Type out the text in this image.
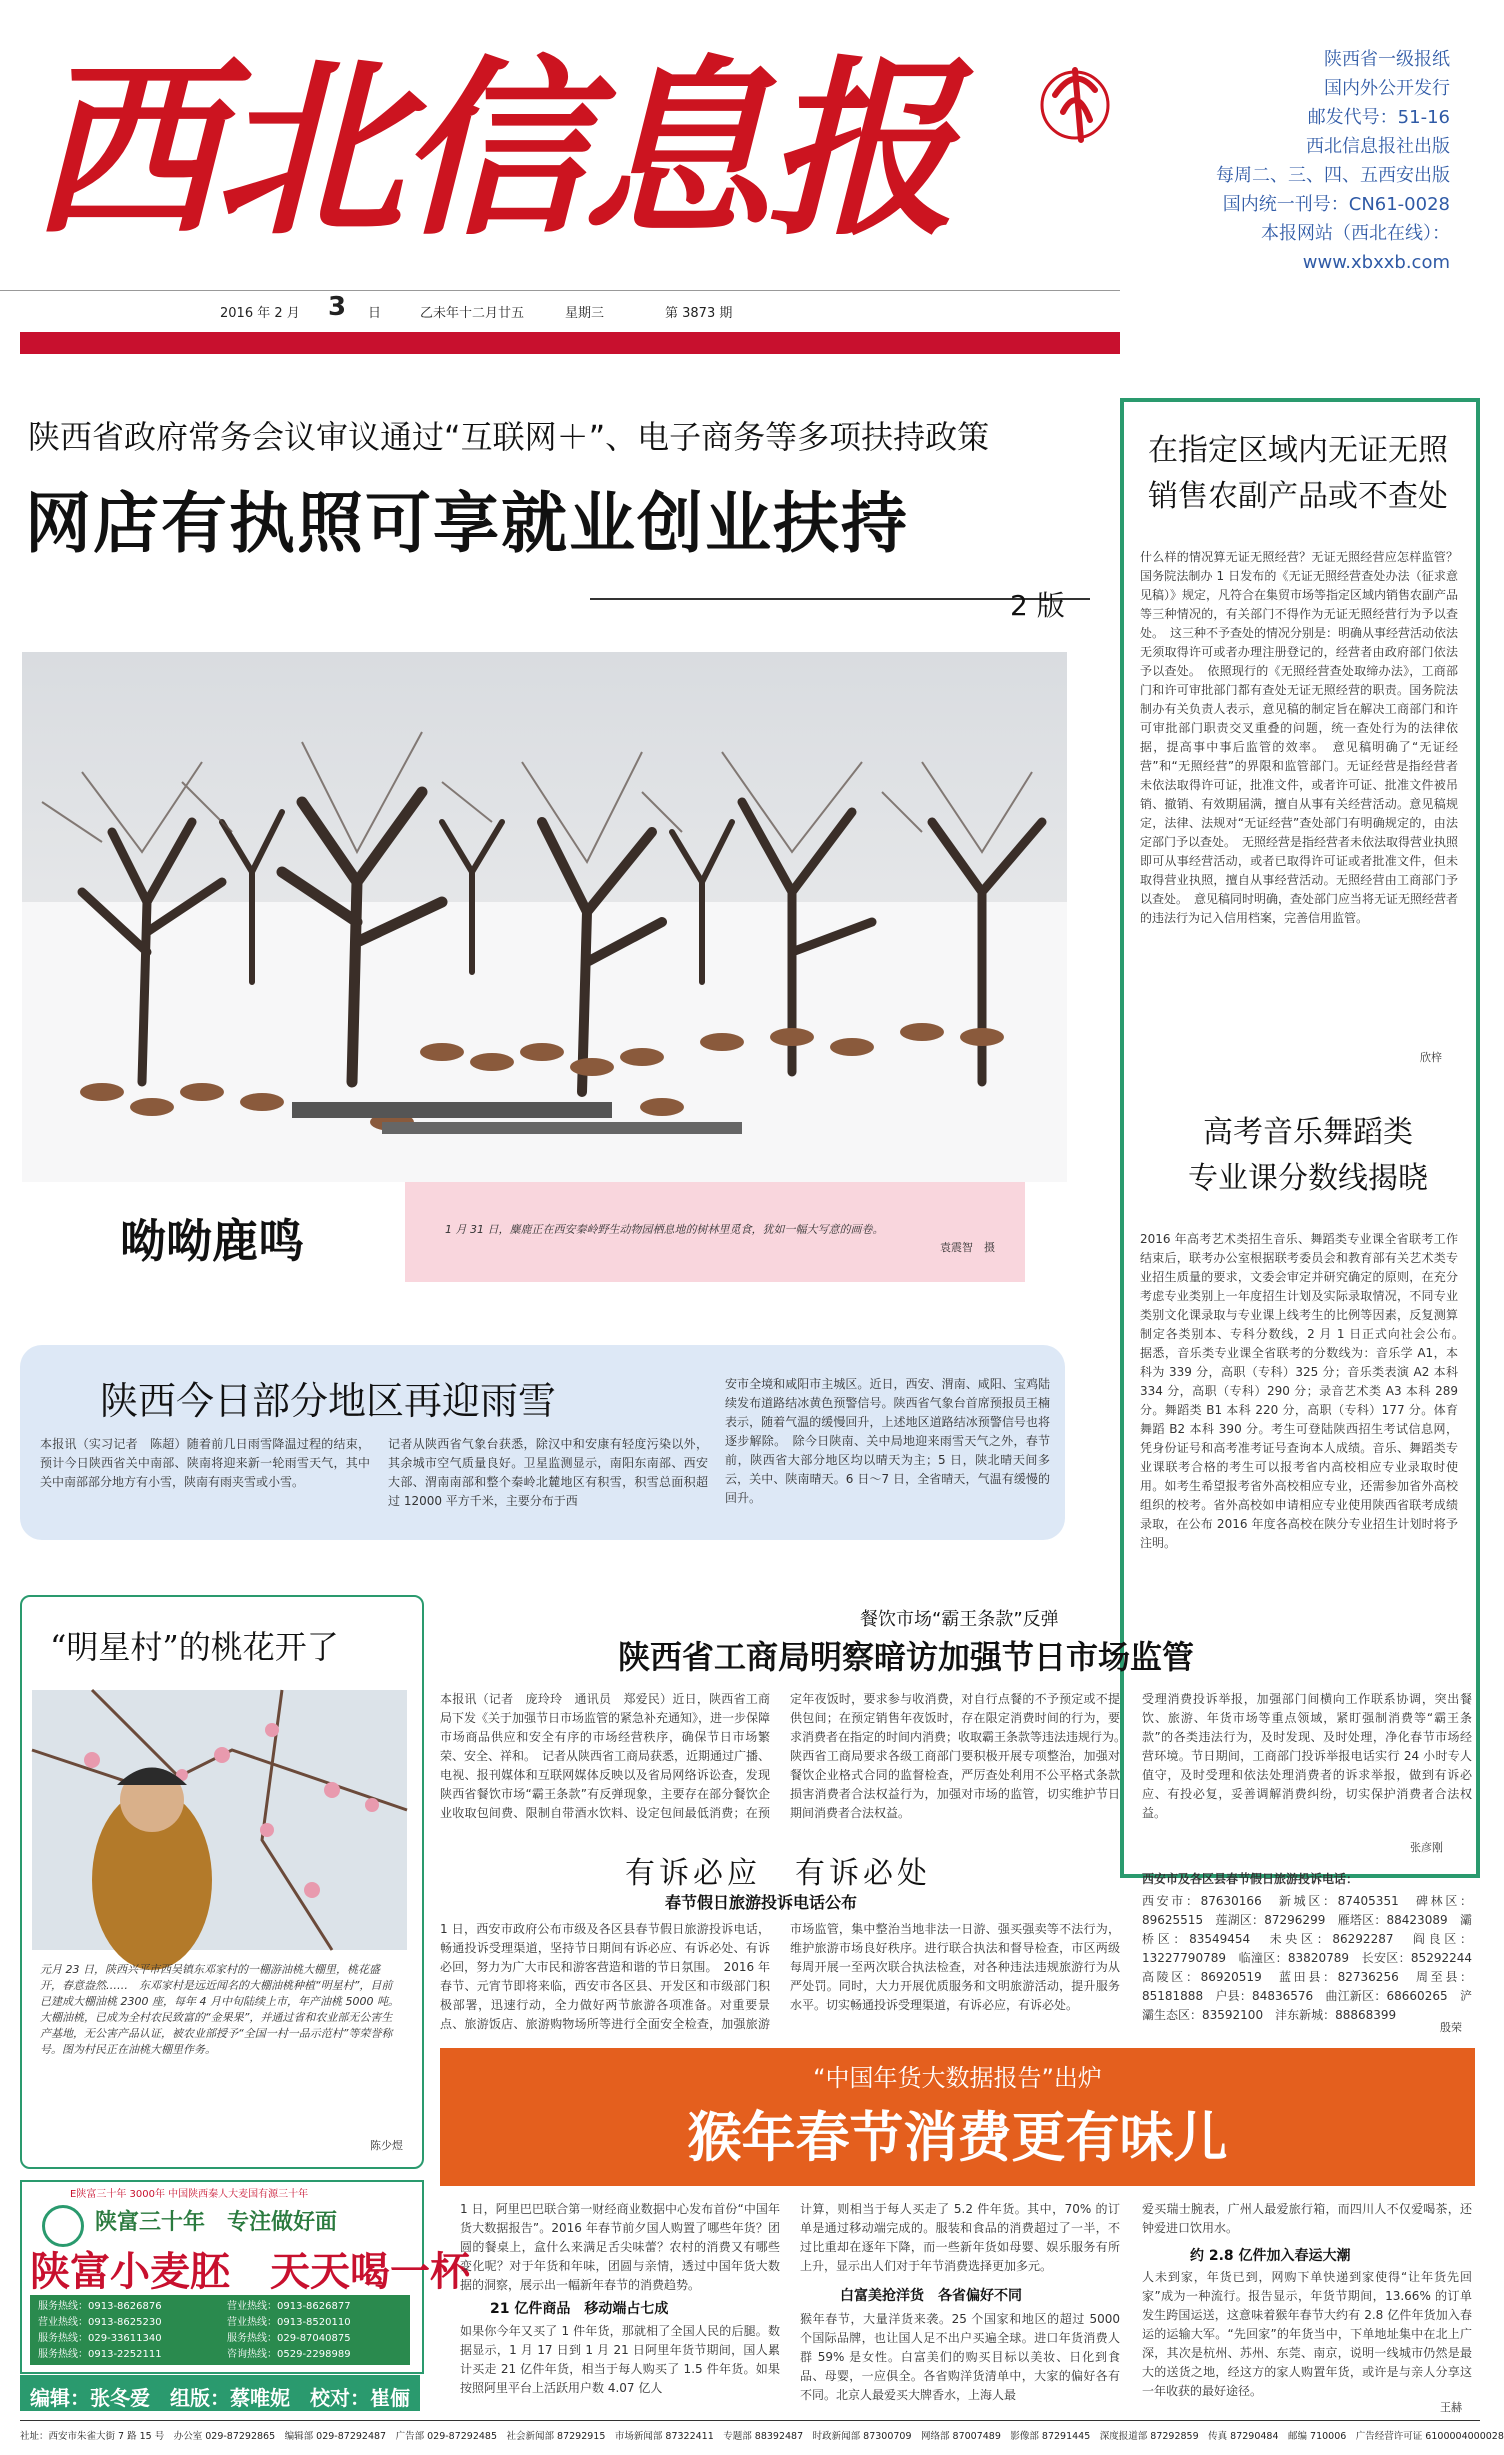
西北信息报	陕西省一级报纸
国内外公开发行
邮发代号：51-16
西北信息报社出版
每周二、三、四、五西安出版
国内统一刊号：CN61-0028
本报网站（西北在线）：www.xbxxb.com
2016 年 2 月 3 日	乙未年十二月廿五	星期三	第 3873 期
陕西省政府常务会议审议通过“互联网＋”、电子商务等多项扶持政策
网店有执照可享就业创业扶持
2 版
呦呦鹿鸣	1 月 31 日，麋鹿正在西安秦岭野生动物园栖息地的树林里觅食，犹如一幅大写意的画卷。
袁震智　摄
陕西今日部分地区再迎雨雪
本报讯（实习记者　陈超）随着前几日雨雪降温过程的结束，预计今日陕西省关中南部、陕南将迎来新一轮雨雪天气，其中关中南部部分地方有小雪，陕南有雨夹雪或小雪。
记者从陕西省气象台获悉，除汉中和安康有轻度污染以外，其余城市空气质量良好。卫星监测显示，南阳东南部、西安大部、渭南南部和整个秦岭北麓地区有积雪，积雪总面积超过 12000 平方千米，主要分布于西
安市全境和咸阳市主城区。近日，西安、渭南、咸阳、宝鸡陆续发布道路结冰黄色预警信号。陕西省气象台首席预报员王楠表示，随着气温的缓慢回升，上述地区道路结冰预警信号也将逐步解除。　除今日陕南、关中局地迎来雨雪天气之外，春节前，陕西省大部分地区均以晴天为主；5 日，陕北晴天间多云，关中、陕南晴天。6 日～7 日，全省晴天，气温有缓慢的回升。
在指定区域内无证无照
销售农副产品或不查处
什么样的情况算无证无照经营？无证无照经营应怎样监管？国务院法制办 1 日发布的《无证无照经营查处办法（征求意见稿）》规定，凡符合在集贸市场等指定区域内销售农副产品等三种情况的，有关部门不得作为无证无照经营行为予以查处。　这三种不予查处的情况分别是：明确从事经营活动依法无须取得许可或者办理注册登记的，经营者由政府部门依法予以查处。　依照现行的《无照经营查处取缔办法》，工商部门和许可审批部门都有查处无证无照经营的职责。国务院法制办有关负责人表示，意见稿的制定旨在解决工商部门和许可审批部门职责交叉重叠的问题，统一查处行为的法律依据，提高事中事后监管的效率。　意见稿明确了“无证经营”和“无照经营”的界限和监管部门。无证经营是指经营者未依法取得许可证，批准文件，或者许可证、批准文件被吊销、撤销、有效期届满，擅自从事有关经营活动。意见稿规定，法律、法规对“无证经营”查处部门有明确规定的，由法定部门予以查处。　无照经营是指经营者未依法取得营业执照即可从事经营活动，或者已取得许可证或者批准文件，但未取得营业执照，擅自从事经营活动。无照经营由工商部门予以查处。　意见稿同时明确，查处部门应当将无证无照经营者的违法行为记入信用档案，完善信用监管。
欣梓
高考音乐舞蹈类
专业课分数线揭晓
2016 年高考艺术类招生音乐、舞蹈类专业课全省联考工作结束后，联考办公室根据联考委员会和教育部有关艺术类专业招生质量的要求，文委会审定并研究确定的原则，在充分考虑专业类别上一年度招生计划及实际录取情况，不同专业类别文化课录取与专业课上线考生的比例等因素，反复测算制定各类别本、专科分数线，2 月 1 日正式向社会公布。　据悉，音乐类专业课全省联考的分数线为：音乐学 A1，本科为 339 分，高职（专科）325 分；音乐类表演 A2 本科 334 分，高职（专科）290 分；录音艺术类 A3 本科 289 分。舞蹈类 B1 本科 220 分，高职（专科）177 分。体育舞蹈 B2 本科 390 分。考生可登陆陕西招生考试信息网，凭身份证号和高考准考证号查询本人成绩。音乐、舞蹈类专业课联考合格的考生可以报考省内高校相应专业录取时使用。如考生希望报考省外高校相应专业，还需参加省外高校组织的校考。省外高校如申请相应专业使用陕西省联考成绩录取，在公布 2016 年度各高校在陕分专业招生计划时将予注明。
张彦刚
“明星村”的桃花开了
元月 23 日，陕西兴平市西吴镇东邓家村的一棚游油桃大棚里，桃花盛开，春意盎然……　东邓家村是远近闻名的大棚油桃种植“明星村”，目前已建成大棚油桃 2300 座，每年 4 月中旬陆续上市，年产油桃 5000 吨。大棚油桃，已成为全村农民致富的“金果果”，并通过省和农业部无公害生产基地，无公害产品认证，被农业部授予“全国一村一品示范村”等荣誉称号。图为村民正在油桃大棚里作务。
陈少煜
E陕富三十年 3000年 中国陕西秦人大麦国有源三十年
陕富三十年　专注做好面
陕富小麦胚　天天喝一杯
服务热线：0913-8626876	营业热线：0913-8626877
营业热线：0913-8625230	营业热线：0913-8520110
服务热线：029-33611340	服务热线：029-87040875
服务热线：0913-2252111	咨询热线：0529-2298989
编辑：张冬爱　组版：蔡唯妮　校对：崔俪
餐饮市场“霸王条款”反弹
陕西省工商局明察暗访加强节日市场监管
本报讯（记者　庞玲玲　通讯员　郑爱民）近日，陕西省工商局下发《关于加强节日市场监管的紧急补充通知》，进一步保障市场商品供应和安全有序的市场经营秩序，确保节日市场繁荣、安全、祥和。　记者从陕西省工商局获悉，近期通过广播、电视、报刊媒体和互联网媒体反映以及省局网络诉讼查，发现陕西省餐饮市场“霸王条款”有反弹现象，主要存在部分餐饮企业收取包间费、限制自带酒水饮料、设定包间最低消费；在预定年夜饭时，要求参与收消费，对自行点餐的不予预定或不提供包间；在预定销售年夜饭时，存在限定消费时间的行为，要求消费者在指定的时间内消费；收取霸王条款等违法违规行为。　陕西省工商局要求各级工商部门要积极开展专项整治，加强对餐饮企业格式合同的监督检查，严厉查处利用不公平格式条款损害消费者合法权益行为，加强对市场的监管，切实维护节日期间消费者合法权益。
受理消费投诉举报，加强部门间横向工作联系协调，突出餐饮、旅游、年货市场等重点领域，紧盯强制消费等“霸王条款”的各类违法行为，及时发现、及时处理，净化春节市场经营环境。节日期间，工商部门投诉举报电话实行 24 小时专人值守，及时受理和依法处理消费者的诉求举报，做到有诉必应、有投必复，妥善调解消费纠纷，切实保护消费者合法权益。
有诉必应　有诉必处
春节假日旅游投诉电话公布
1 日，西安市政府公布市级及各区县春节假日旅游投诉电话，畅通投诉受理渠道，坚持节日期间有诉必应、有诉必处、有诉必回，努力为广大市民和游客营造和谐的节日氛围。　2016 年春节、元宵节即将来临，西安市各区县、开发区和市级部门积极部署，迅速行动，全力做好两节旅游各项准备。对重要景点、旅游饭店、旅游购物场所等进行全面安全检查，加强旅游市场监管，集中整治当地非法一日游、强买强卖等不法行为，维护旅游市场良好秩序。进行联合执法和督导检查，市区两级每周开展一至两次联合执法检查，对各种违法违规旅游行为从严处罚。同时，大力开展优质服务和文明旅游活动，提升服务水平。切实畅通投诉受理渠道，有诉必应，有诉必处。
西安市及各区县春节假日旅游投诉电话：
西安市：87630166　新城区：87405351　碑林区：89625515　莲湖区：87296299　雁塔区：88423089　灞桥区：83549454　未央区：86292287　阎良区：13227790789　临潼区：83820789　长安区：85292244　高陵区：86920519　蓝田县：82736256　周至县：85181888　户县：84836576　曲江新区：68660265　浐灞生态区：83592100　沣东新城：88868399
殷荣
“中国年货大数据报告”出炉
猴年春节消费更有味儿
1 日，阿里巴巴联合第一财经商业数据中心发布首份“中国年货大数据报告”。2016 年春节前夕国人购置了哪些年货？团圆的餐桌上，盒什么来满足舌尖味蕾？农村的消费又有哪些变化呢？对于年货和年味，团圆与亲情，透过中国年货大数据的洞察，展示出一幅新年春节的消费趋势。
21 亿件商品　移动端占七成
如果你今年又买了 1 件年货，那就相了全国人民的后腿。数据显示，1 月 17 日到 1 月 21 日阿里年货节期间，国人累计买走 21 亿件年货，相当于每人购买了 1.5 件年货。如果按照阿里平台上活跃用户数 4.07 亿人
计算，则相当于每人买走了 5.2 件年货。其中，70% 的订单是通过移动端完成的。服装和食品的消费超过了一半，不过比重却在逐年下降，而一些新年货如母婴、娱乐服务有所上升，显示出人们对于年节消费选择更加多元。
白富美抢洋货　各省偏好不同
猴年春节，大量洋货来袭。25 个国家和地区的超过 5000 个国际品牌，也让国人足不出户买遍全球。进口年货消费人群 59% 是女性。白富美们的购买目标以美妆、日化到食品、母婴，一应俱全。各省购洋货清单中，大家的偏好各有不同。北京人最爱买大牌香水，上海人最
爱买瑞士腕表，广州人最爱旅行箱，而四川人不仅爱喝茶，还钟爱进口饮用水。
约 2.8 亿件加入春运大潮
人未到家，年货已到，网购下单快递到家使得“让年货先回家”成为一种流行。报告显示，年货节期间，13.66% 的订单发生跨国运送，这意味着猴年春节大约有 2.8 亿件年货加入春运的运输大军。“先回家”的年货当中，下单地址集中在北上广深，其次是杭州、苏州、东莞、南京，说明一线城市仍然是最大的送货之地，经这方的家人购置年货，或许是与亲人分享这一年收获的最好途径。
王赫
社址：西安市朱雀大街 7 路 15 号　办公室 029-87292865　编辑部 029-87292487　广告部 029-87292485　社会新闻部 87292915　市场新闻部 87322411　专题部 88392487　时政新闻部 87300709　网络部 87007489　影像部 87291445　深度报道部 87292859　传真 87290484　邮编 710006　广告经营许可证 6100004000028
